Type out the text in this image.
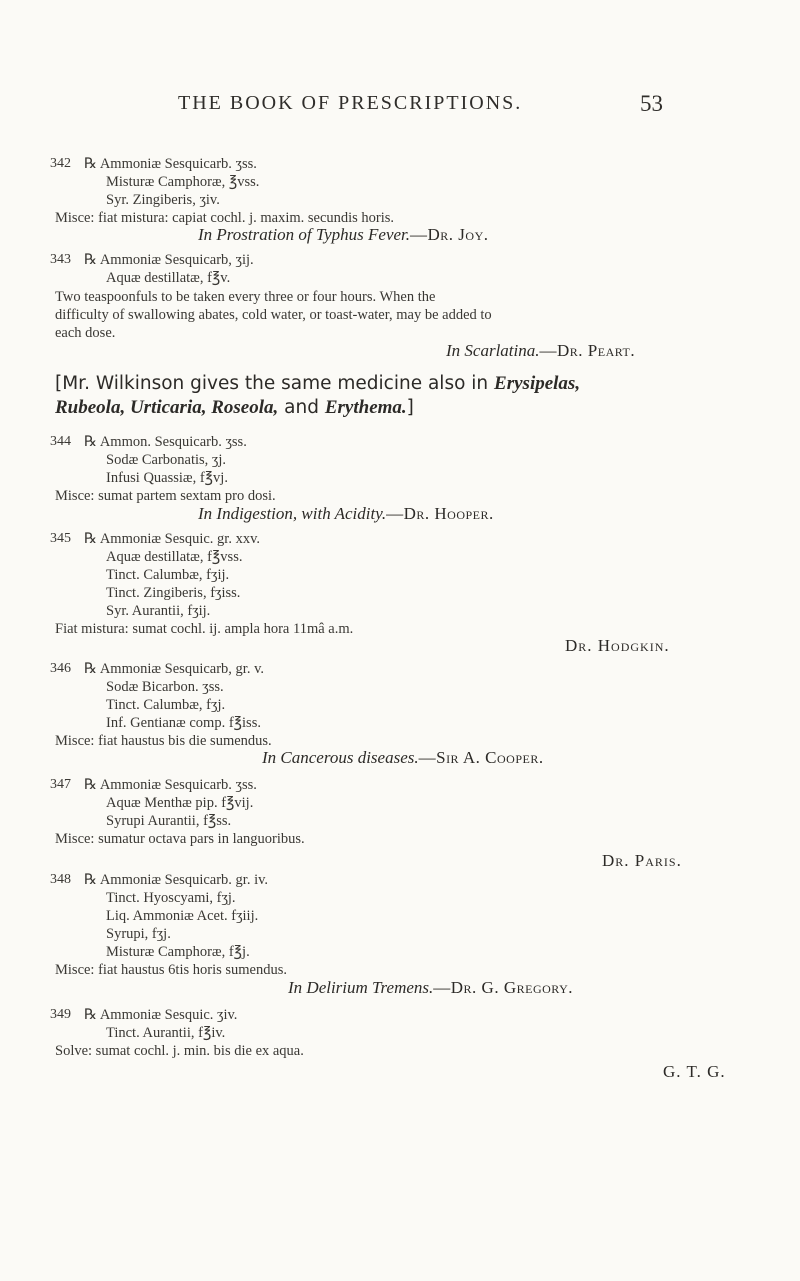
THE BOOK OF PRESCRIPTIONS.	53
342 ℞ Ammoniæ Sesquicarb. ʒss.
Misturæ Camphoræ, ℥vss.
Syr. Zingiberis, ʒiv.
Misce: fiat mistura: capiat cochl. j. maxim. secundis horis.
In Prostration of Typhus Fever.—Dr. Joy.
343 ℞ Ammoniæ Sesquicarb, ʒij.
Aquæ destillatæ, f℥v.
Two teaspoonfuls to be taken every three or four hours. When the
difficulty of swallowing abates, cold water, or toast-water, may be added to
each dose.
In Scarlatina.—Dr. Peart.
[Mr. Wilkinson gives the same medicine also in Erysipelas,
Rubeola, Urticaria, Roseola, and Erythema.]
344 ℞ Ammon. Sesquicarb. ʒss.
Sodæ Carbonatis, ʒj.
Infusi Quassiæ, f℥vj.
Misce: sumat partem sextam pro dosi.
In Indigestion, with Acidity.—Dr. Hooper.
345 ℞ Ammoniæ Sesquic. gr. xxv.
Aquæ destillatæ, f℥vss.
Tinct. Calumbæ, fʒij.
Tinct. Zingiberis, fʒiss.
Syr. Aurantii, fʒij.
Fiat mistura: sumat cochl. ij. ampla hora 11mâ a.m.
Dr. Hodgkin.
346 ℞ Ammoniæ Sesquicarb, gr. v.
Sodæ Bicarbon. ʒss.
Tinct. Calumbæ, fʒj.
Inf. Gentianæ comp. f℥iss.
Misce: fiat haustus bis die sumendus.
In Cancerous diseases.—Sir A. Cooper.
347 ℞ Ammoniæ Sesquicarb. ʒss.
Aquæ Menthæ pip. f℥vij.
Syrupi Aurantii, f℥ss.
Misce: sumatur octava pars in languoribus.
Dr. Paris.
348 ℞ Ammoniæ Sesquicarb. gr. iv.
Tinct. Hyoscyami, fʒj.
Liq. Ammoniæ Acet. fʒiij.
Syrupi, fʒj.
Misturæ Camphoræ, f℥j.
Misce: fiat haustus 6tis horis sumendus.
In Delirium Tremens.—Dr. G. Gregory.
349 ℞ Ammoniæ Sesquic. ʒiv.
Tinct. Aurantii, f℥iv.
Solve: sumat cochl. j. min. bis die ex aqua.
G. T. G.
